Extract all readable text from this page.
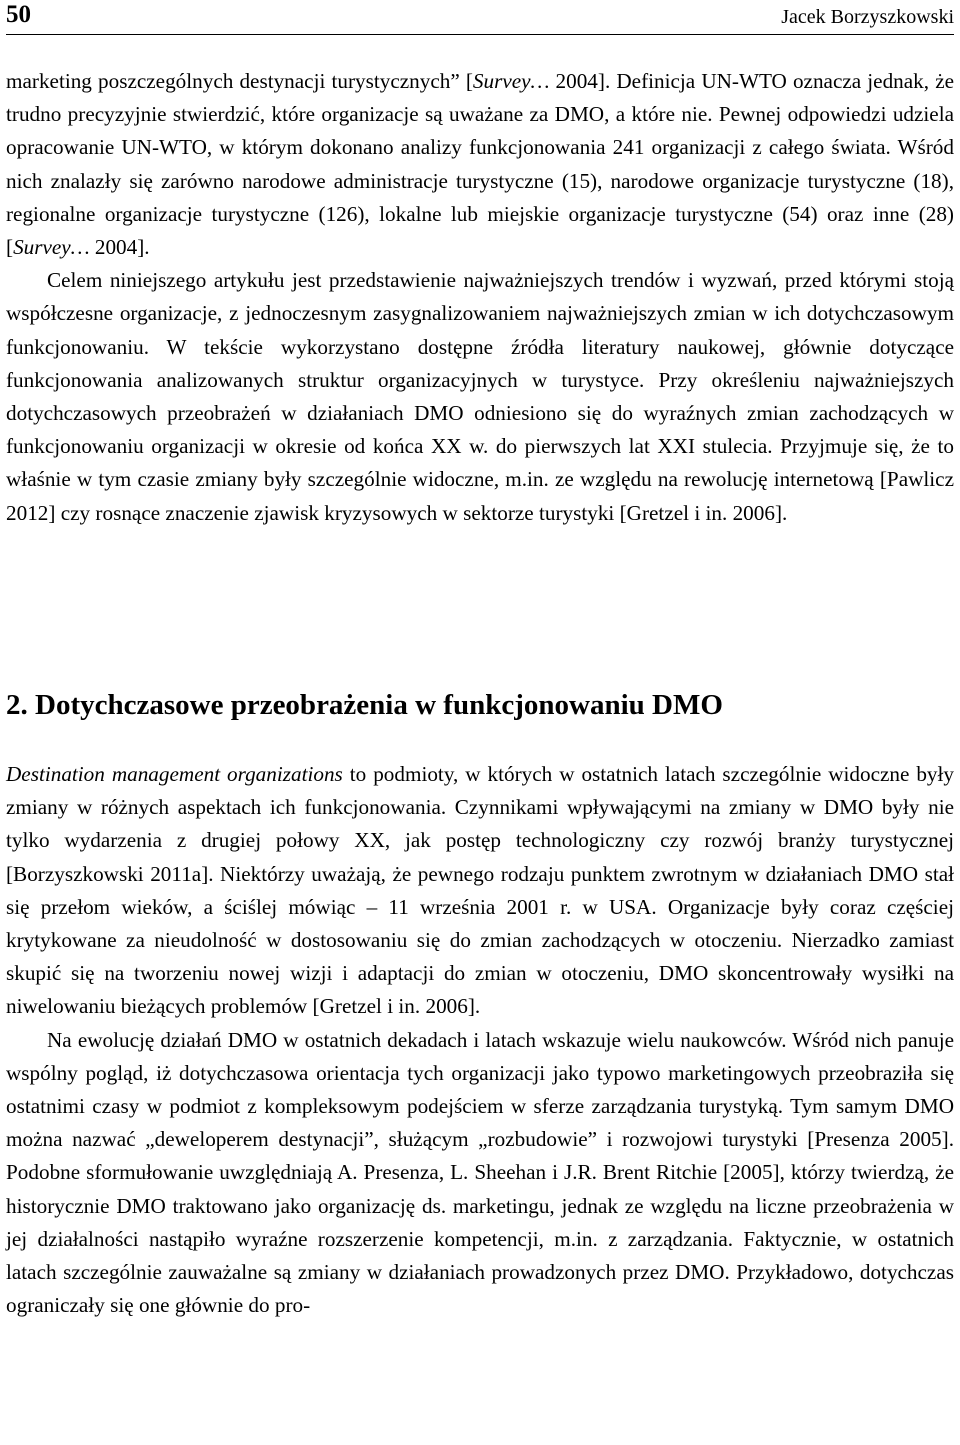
50	Jacek Borzyszkowski

marketing poszczególnych destynacji turystycznych” [Survey… 2004]. Definicja UN-WTO oznacza jednak, że trudno precyzyjnie stwierdzić, które organizacje są uważane za DMO, a które nie. Pewnej odpowiedzi udziela opracowanie UN-WTO, w którym dokonano analizy funkcjonowania 241 organizacji z całego świata. Wśród nich znalazły się zarówno narodowe administracje turystyczne (15), narodowe organizacje turystyczne (18), regionalne organizacje turystyczne (126), lokalne lub miejskie organizacje turystyczne (54) oraz inne (28) [Survey… 2004].

Celem niniejszego artykułu jest przedstawienie najważniejszych trendów i wyzwań, przed którymi stoją współczesne organizacje, z jednoczesnym zasygnalizowaniem najważniejszych zmian w ich dotychczasowym funkcjonowaniu. W tekście wykorzystano dostępne źródła literatury naukowej, głównie dotyczące funkcjonowania analizowanych struktur organizacyjnych w turystyce. Przy określeniu najważniejszych dotychczasowych przeobrażeń w działaniach DMO odniesiono się do wyraźnych zmian zachodzących w funkcjonowaniu organizacji w okresie od końca XX w. do pierwszych lat XXI stulecia. Przyjmuje się, że to właśnie w tym czasie zmiany były szczególnie widoczne, m.in. ze względu na rewolucję internetową [Pawlicz 2012] czy rosnące znaczenie zjawisk kryzysowych w sektorze turystyki [Gretzel i in. 2006].

2. Dotychczasowe przeobrażenia w funkcjonowaniu DMO

Destination management organizations to podmioty, w których w ostatnich latach szczególnie widoczne były zmiany w różnych aspektach ich funkcjonowania. Czynnikami wpływającymi na zmiany w DMO były nie tylko wydarzenia z drugiej połowy XX, jak postęp technologiczny czy rozwój branży turystycznej [Borzyszkowski 2011a]. Niektórzy uważają, że pewnego rodzaju punktem zwrotnym w działaniach DMO stał się przełom wieków, a ściślej mówiąc – 11 września 2001 r. w USA. Organizacje były coraz częściej krytykowane za nieudolność w dostosowaniu się do zmian zachodzących w otoczeniu. Nierzadko zamiast skupić się na tworzeniu nowej wizji i adaptacji do zmian w otoczeniu, DMO skoncentrowały wysiłki na niwelowaniu bieżących problemów [Gretzel i in. 2006].

Na ewolucję działań DMO w ostatnich dekadach i latach wskazuje wielu naukowców. Wśród nich panuje wspólny pogląd, iż dotychczasowa orientacja tych organizacji jako typowo marketingowych przeobraziła się ostatnimi czasy w podmiot z kompleksowym podejściem w sferze zarządzania turystyką. Tym samym DMO można nazwać „deweloperem destynacji”, służącym „rozbudowie” i rozwojowi turystyki [Presenza 2005]. Podobne sformułowanie uwzględniają A. Presenza, L. Sheehan i J.R. Brent Ritchie [2005], którzy twierdzą, że historycznie DMO traktowano jako organizację ds. marketingu, jednak ze względu na liczne przeobrażenia w jej działalności nastąpiło wyraźne rozszerzenie kompetencji, m.in. z zarządzania. Faktycznie, w ostatnich latach szczególnie zauważalne są zmiany w działaniach prowadzonych przez DMO. Przykładowo, dotychczas ograniczały się one głównie do pro-
